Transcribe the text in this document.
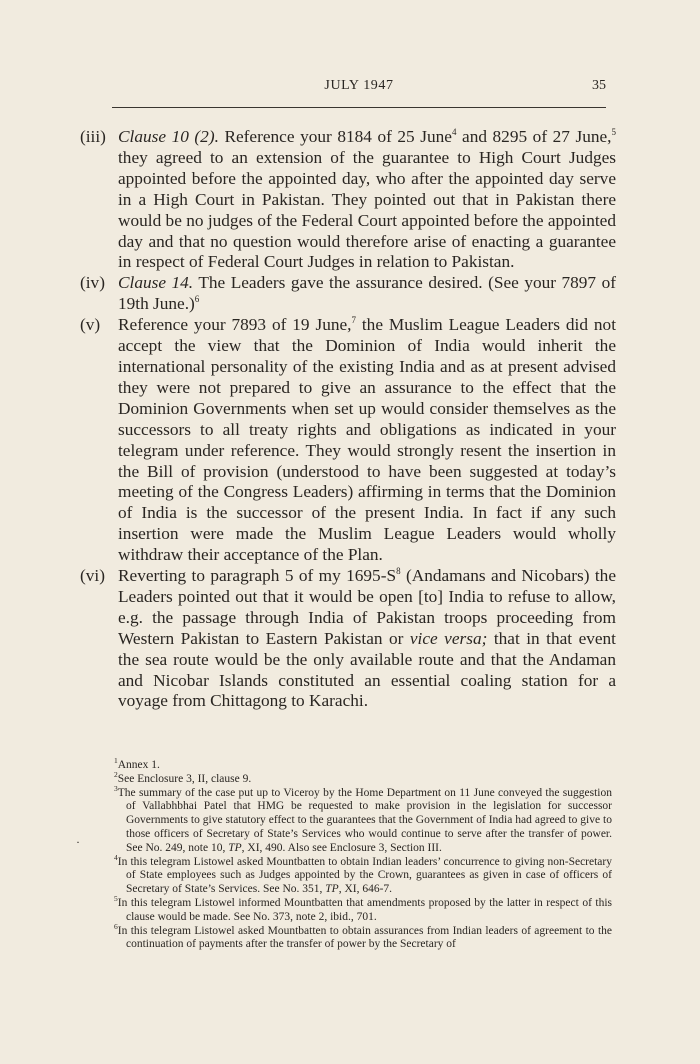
JULY 1947	35
(iii) Clause 10 (2). Reference your 8184 of 25 June$^4$ and 8295 of 27 June,$^5$ they agreed to an extension of the guarantee to High Court Judges appointed before the appointed day, who after the appointed day serve in a High Court in Pakistan. They pointed out that in Pakistan there would be no judges of the Federal Court appointed before the appointed day and that no question would therefore arise of enacting a guarantee in respect of Federal Court Judges in relation to Pakistan.
(iv) Clause 14. The Leaders gave the assurance desired. (See your 7897 of 19th June.)$^6$
(v)	Reference your 7893 of 19 June,$^7$ the Muslim League Leaders did not accept the view that the Dominion of India would inherit the international personality of the existing India and as at present advised they were not prepared to give an assurance to the effect that the Dominion Governments when set up would consider themselves as the successors to all treaty rights and obligations as indicated in your telegram under reference. They would strongly resent the insertion in the Bill of provision (understood to have been suggested at today’s meeting of the Congress Leaders) affirming in terms that the Dominion of India is the successor of the present India. In fact if any such insertion were made the Muslim League Leaders would wholly withdraw their acceptance of the Plan.
(vi) Reverting to paragraph 5 of my 1695-S$^8$ (Andamans and Nicobars) the Leaders pointed out that it would be open [to] India to refuse to allow, e.g. the passage through India of Pakistan troops proceeding from Western Pakistan to Eastern Pakistan or vice versa; that in that event the sea route would be the only available route and that the Andaman and Nicobar Islands constituted an essential coaling station for a voyage from Chittagong to Karachi.
·
$^1$Annex 1.
$^2$See Enclosure 3, II, clause 9.
$^3$The summary of the case put up to Viceroy by the Home Department on 11 June conveyed the suggestion of Vallabhbhai Patel that HMG be requested to make provision in the legislation for successor Governments to give statutory effect to the guarantees that the Government of India had agreed to give to those officers of Secretary of State’s Services who would continue to serve after the transfer of power. See No. 249, note 10, TP, XI, 490. Also see Enclosure 3, Section III.
$^4$In this telegram Listowel asked Mountbatten to obtain Indian leaders’ concurrence to giving non-Secretary of State employees such as Judges appointed by the Crown, guarantees as given in case of officers of Secretary of State’s Services. See No. 351, TP, XI, 646-7.
$^5$In this telegram Listowel informed Mountbatten that amendments proposed by the latter in respect of this clause would be made. See No. 373, note 2, ibid., 701.
$^6$In this telegram Listowel asked Mountbatten to obtain assurances from Indian leaders of agreement to the continuation of payments after the transfer of power by the Secretary of
